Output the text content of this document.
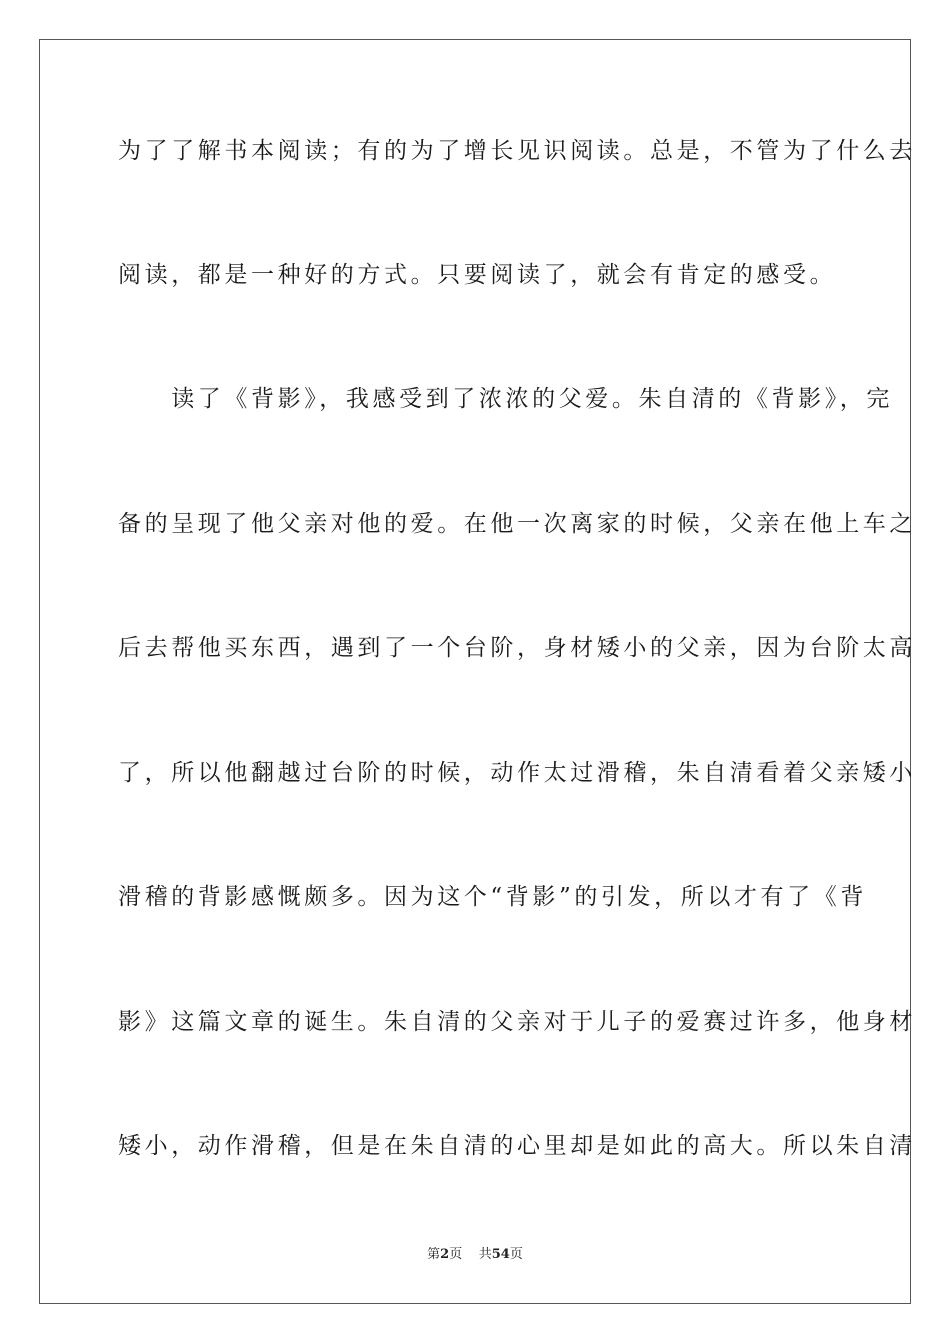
为了了解书本阅读；有的为了增长见识阅读。总是，不管为了什么去
阅读，都是一种好的方式。只要阅读了，就会有肯定的感受。
　　读了《背影》，我感受到了浓浓的父爱。朱自清的《背影》，完
备的呈现了他父亲对他的爱。在他一次离家的时候，父亲在他上车之
后去帮他买东西，遇到了一个台阶，身材矮小的父亲，因为台阶太高
了，所以他翻越过台阶的时候，动作太过滑稽，朱自清看着父亲矮小
滑稽的背影感慨颇多。因为这个“背影”的引发，所以才有了《背
影》这篇文章的诞生。朱自清的父亲对于儿子的爱赛过许多，他身材
矮小，动作滑稽，但是在朱自清的心里却是如此的高大。所以朱自清
第2页 共54页
